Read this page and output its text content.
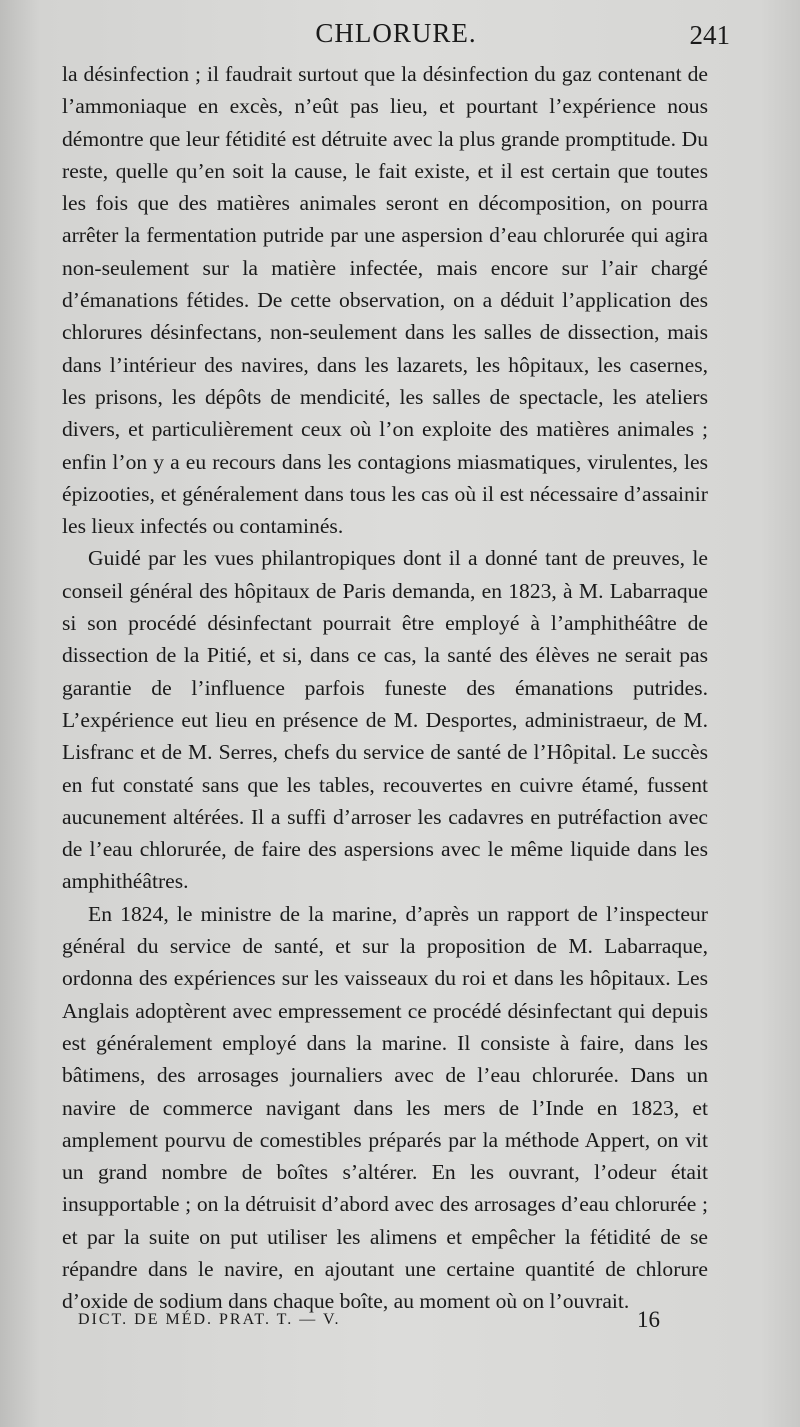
CHLORURE.	241

la désinfection ; il faudrait surtout que la désinfection du gaz contenant de l’ammoniaque en excès, n’eût pas lieu, et pourtant l’expérience nous démontre que leur fétidité est détruite avec la plus grande promptitude. Du reste, quelle qu’en soit la cause, le fait existe, et il est certain que toutes les fois que des matières animales seront en décomposition, on pourra arrêter la fermentation putride par une aspersion d’eau chlorurée qui agira non-seulement sur la matière infectée, mais encore sur l’air chargé d’émanations fétides. De cette observation, on a déduit l’application des chlorures désinfectans, non-seulement dans les salles de dissection, mais dans l’intérieur des navires, dans les lazarets, les hôpitaux, les casernes, les prisons, les dépôts de mendicité, les salles de spectacle, les ateliers divers, et particulièrement ceux où l’on exploite des matières animales ; enfin l’on y a eu recours dans les contagions miasmatiques, virulentes, les épizooties, et généralement dans tous les cas où il est nécessaire d’assainir les lieux infectés ou contaminés.

Guidé par les vues philantropiques dont il a donné tant de preuves, le conseil général des hôpitaux de Paris demanda, en 1823, à M. Labarraque si son procédé désinfectant pourrait être employé à l’amphithéâtre de dissection de la Pitié, et si, dans ce cas, la santé des élèves ne serait pas garantie de l’influence parfois funeste des émanations putrides. L’expérience eut lieu en présence de M. Desportes, administraeur, de M. Lisfranc et de M. Serres, chefs du service de santé de l’Hôpital. Le succès en fut constaté sans que les tables, recouvertes en cuivre étamé, fussent aucunement altérées. Il a suffi d’arroser les cadavres en putréfaction avec de l’eau chlorurée, de faire des aspersions avec le même liquide dans les amphithéâtres.

En 1824, le ministre de la marine, d’après un rapport de l’inspecteur général du service de santé, et sur la proposition de M. Labarraque, ordonna des expériences sur les vaisseaux du roi et dans les hôpitaux. Les Anglais adoptèrent avec empressement ce procédé désinfectant qui depuis est généralement employé dans la marine. Il consiste à faire, dans les bâtimens, des arrosages journaliers avec de l’eau chlorurée. Dans un navire de commerce navigant dans les mers de l’Inde en 1823, et amplement pourvu de comestibles préparés par la méthode Appert, on vit un grand nombre de boîtes s’altérer. En les ouvrant, l’odeur était insupportable ; on la détruisit d’abord avec des arrosages d’eau chlorurée ; et par la suite on put utiliser les alimens et empêcher la fétidité de se répandre dans le navire, en ajoutant une certaine quantité de chlorure d’oxide de sodium dans chaque boîte, au moment où on l’ouvrait.

DICT. DE MÉD. PRAT. T. — V.	16
